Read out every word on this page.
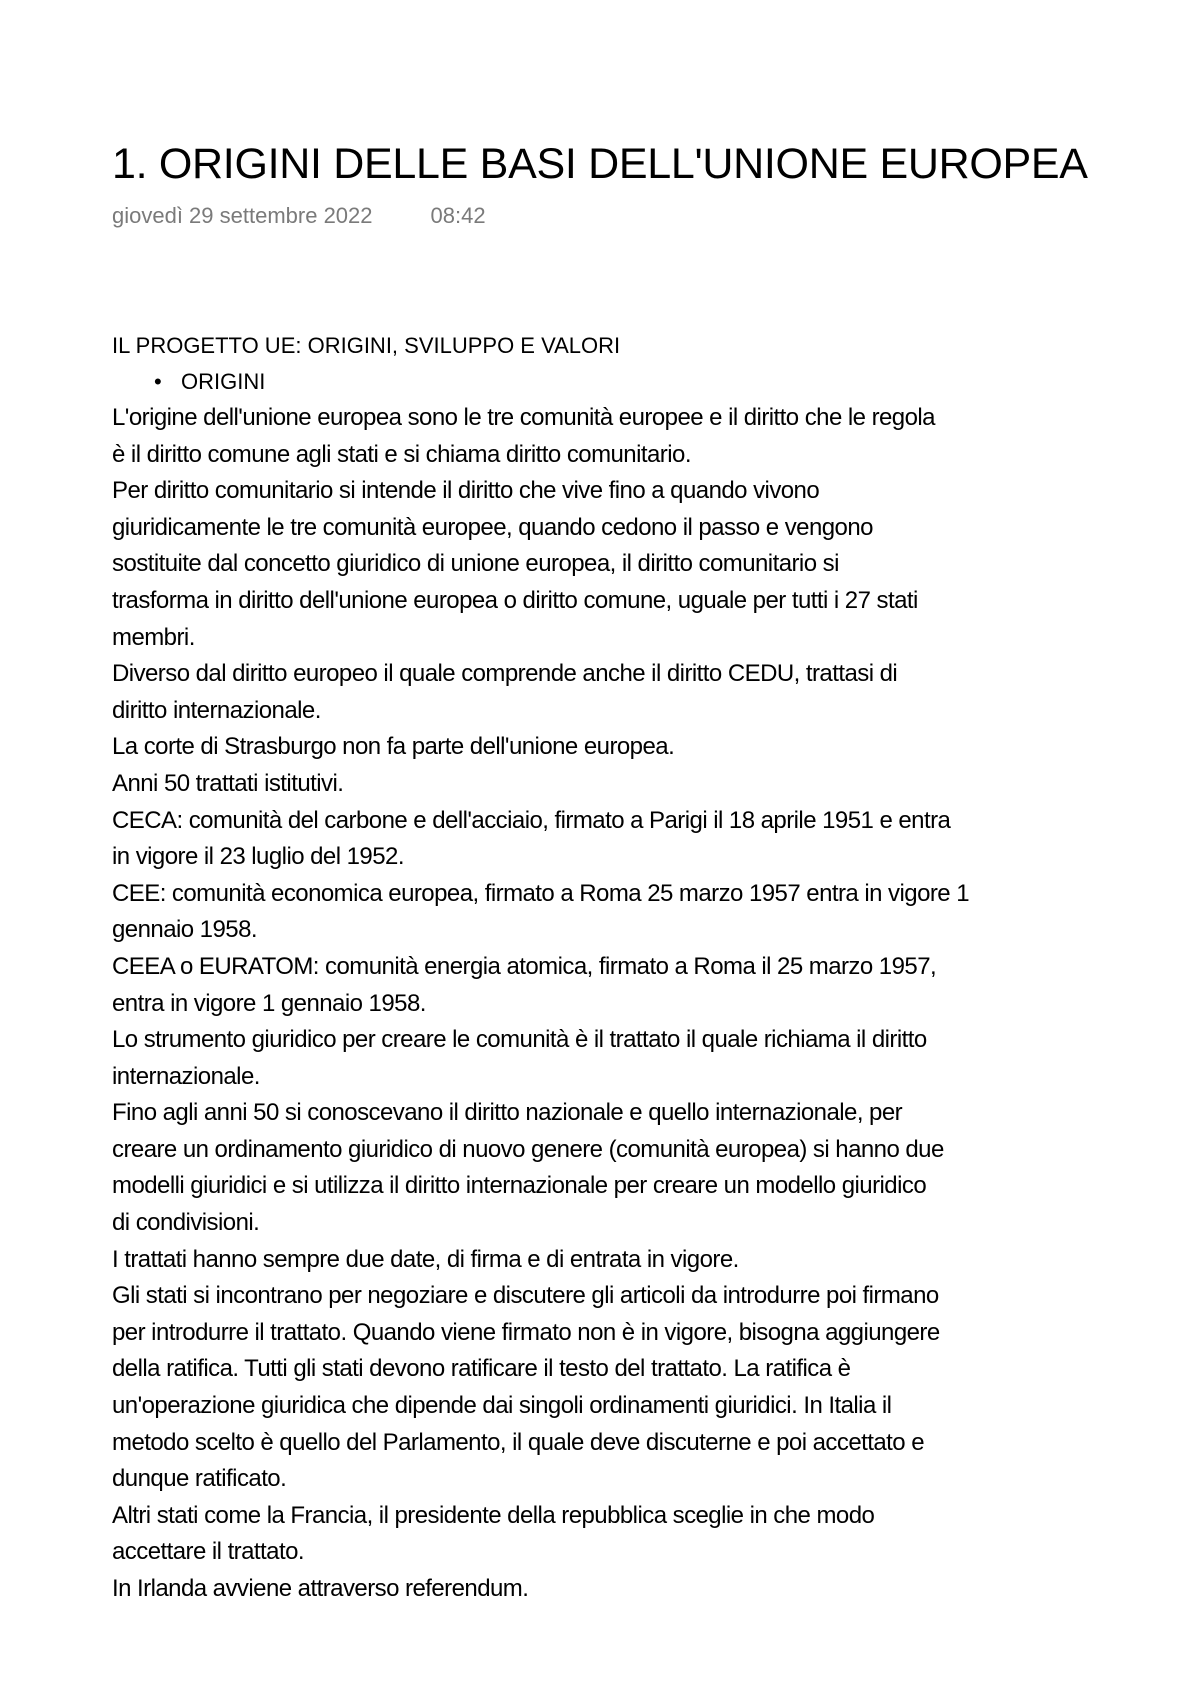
1. ORIGINI DELLE BASI DELL'UNIONE EUROPEA
giovedì 29 settembre 2022	08:42

IL PROGETTO UE: ORIGINI, SVILUPPO E VALORI

• ORIGINI

L'origine dell'unione europea sono le tre comunità europee e il diritto che le regola

è il diritto comune agli stati e si chiama diritto comunitario.

Per diritto comunitario si intende il diritto che vive fino a quando vivono

giuridicamente le tre comunità europee, quando cedono il passo e vengono

sostituite dal concetto giuridico di unione europea, il diritto comunitario si

trasforma in diritto dell'unione europea o diritto comune, uguale per tutti i 27 stati

membri.

Diverso dal diritto europeo il quale comprende anche il diritto CEDU, trattasi di

diritto internazionale.

La corte di Strasburgo non fa parte dell'unione europea.

Anni 50 trattati istitutivi.

CECA: comunità del carbone e dell'acciaio, firmato a Parigi il 18 aprile 1951 e entra

in vigore il 23 luglio del 1952.

CEE: comunità economica europea, firmato a Roma 25 marzo 1957 entra in vigore 1

gennaio 1958.

CEEA o EURATOM: comunità energia atomica, firmato a Roma il 25 marzo 1957,

entra in vigore 1 gennaio 1958.

Lo strumento giuridico per creare le comunità è il trattato il quale richiama il diritto

internazionale.

Fino agli anni 50 si conoscevano il diritto nazionale e quello internazionale, per

creare un ordinamento giuridico di nuovo genere (comunità europea) si hanno due

modelli giuridici e si utilizza il diritto internazionale per creare un modello giuridico

di condivisioni.

I trattati hanno sempre due date, di firma e di entrata in vigore.

Gli stati si incontrano per negoziare e discutere gli articoli da introdurre poi firmano

per introdurre il trattato. Quando viene firmato non è in vigore, bisogna aggiungere

della ratifica. Tutti gli stati devono ratificare il testo del trattato. La ratifica è

un'operazione giuridica che dipende dai singoli ordinamenti giuridici. In Italia il

metodo scelto è quello del Parlamento, il quale deve discuterne e poi accettato e

dunque ratificato.

Altri stati come la Francia, il presidente della repubblica sceglie in che modo

accettare il trattato.

In Irlanda avviene attraverso referendum.
